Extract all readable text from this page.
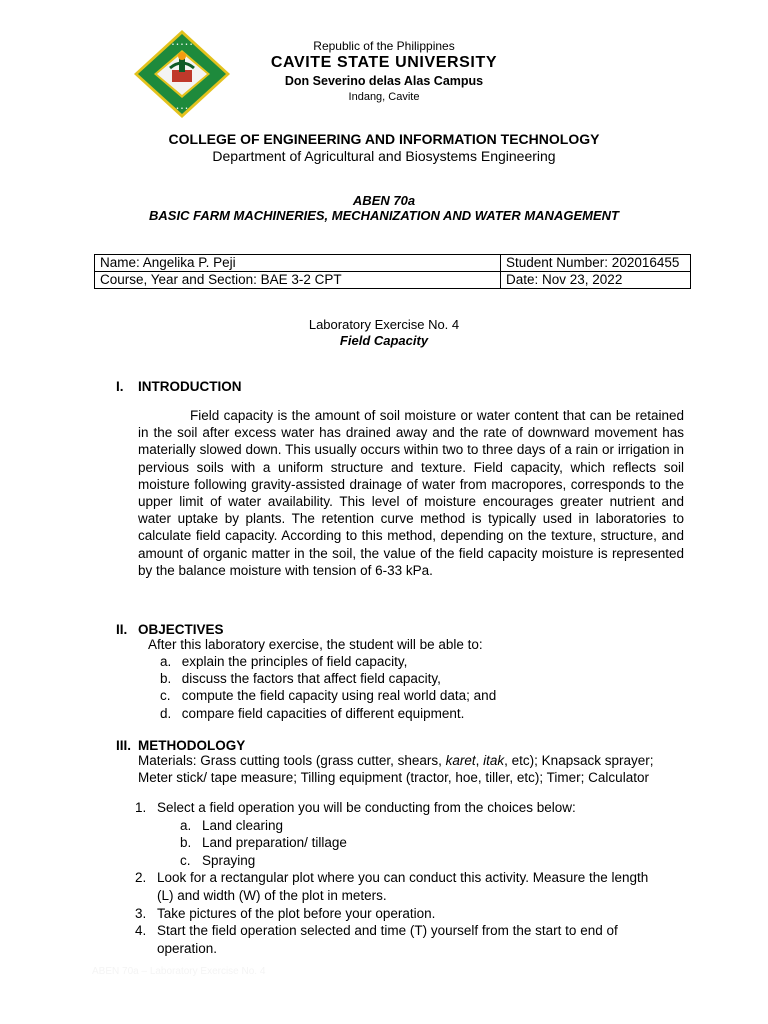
• • • • •
• • •
Republic of the Philippines
CAVITE STATE UNIVERSITY
Don Severino delas Alas Campus
Indang, Cavite
COLLEGE OF ENGINEERING AND INFORMATION TECHNOLOGY
Department of Agricultural and Biosystems Engineering
ABEN 70a
BASIC FARM MACHINERIES, MECHANIZATION AND WATER MANAGEMENT
Name: Angelika P. Peji	Student Number: 202016455
Course, Year and Section: BAE 3-2 CPT	Date: Nov 23, 2022
Laboratory Exercise No. 4
Field Capacity
I. INTRODUCTION

Field capacity is the amount of soil moisture or water content that can be retained in the soil after excess water has drained away and the rate of downward movement has materially slowed down. This usually occurs within two to three days of a rain or irrigation in pervious soils with a uniform structure and texture. Field capacity, which reflects soil moisture following gravity-assisted drainage of water from macropores, corresponds to the upper limit of water availability. This level of moisture encourages greater nutrient and water uptake by plants. The retention curve method is typically used in laboratories to calculate field capacity. According to this method, depending on the texture, structure, and amount of organic matter in the soil, the value of the field capacity moisture is represented by the balance moisture with tension of 6-33 kPa.

II. OBJECTIVES
After this laboratory exercise, the student will be able to:
a. explain the principles of field capacity,
b. discuss the factors that affect field capacity,
c. compute the field capacity using real world data; and
d. compare field capacities of different equipment.
III. METHODOLOGY
Materials: Grass cutting tools (grass cutter, shears, karet, itak, etc); Knapsack sprayer;
Meter stick/ tape measure; Tilling equipment (tractor, hoe, tiller, etc); Timer; Calculator
1. Select a field operation you will be conducting from the choices below:
a. Land clearing
b. Land preparation/ tillage
c. Spraying
2. Look for a rectangular plot where you can conduct this activity. Measure the length
(L) and width (W) of the plot in meters.
3. Take pictures of the plot before your operation.
4. Start the field operation selected and time (T) yourself from the start to end of
operation.
ABEN 70a – Laboratory Exercise No. 4
